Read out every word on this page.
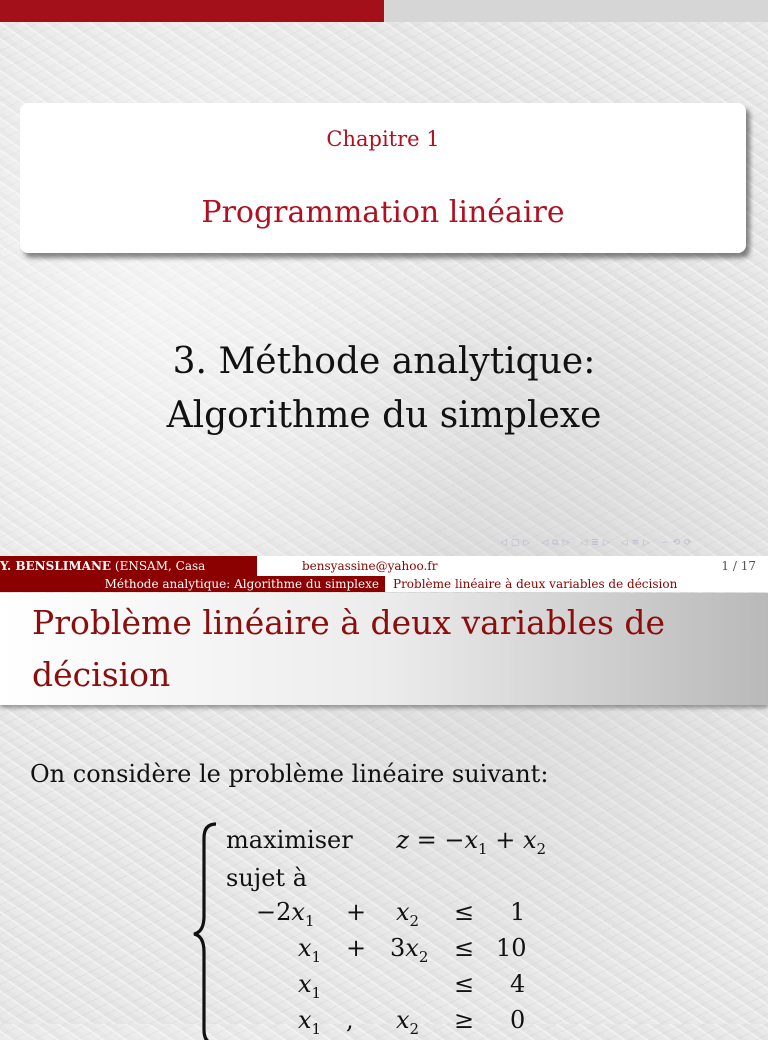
Chapitre 1
Programmation linéaire
3. Méthode analytique:
Algorithme du simplexe
◁□▷ ◁⧉▷ ◁≣▷ ◁≡▷ ∽⟲⟳
Y. BENSLIMANE (ENSAM, Casa	bensyassine@yahoo.fr	1 / 17
Méthode analytique: Algorithme du simplexe	Problème linéaire à deux variables de décision
Problème linéaire à deux variables de
décision
On considère le problème linéaire suivant:
maximiser $z = -x_1 + x_2$
sujet à
$-2x_1 + x_2 \le 1$
$x_1 + 3x_2 \le 10$
$x_1$	≤ 4
$x_1$ , $x_2 \ge 0$
